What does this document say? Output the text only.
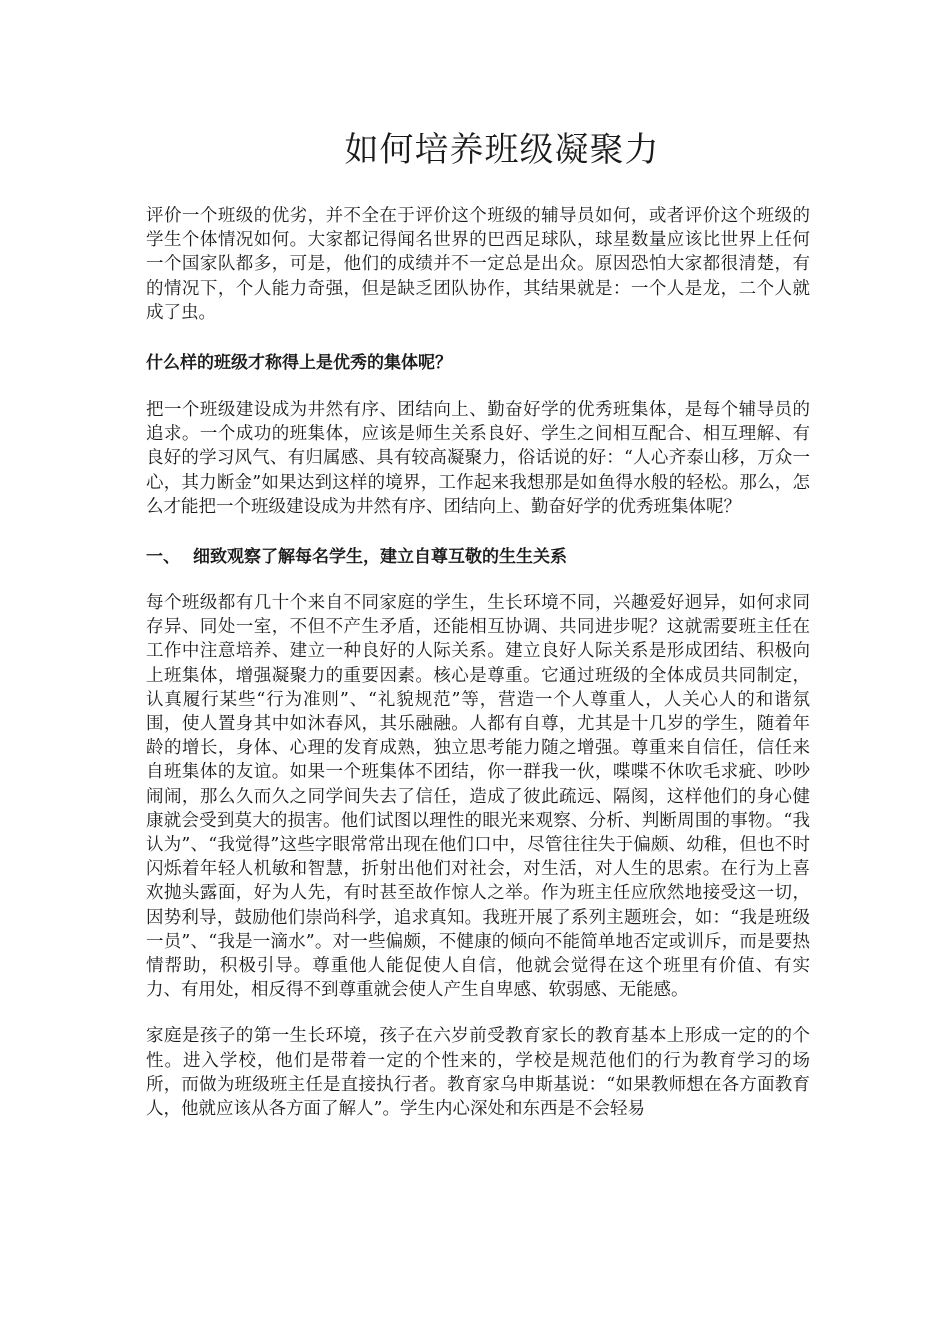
如何培养班级凝聚力

评价一个班级的优劣，并不全在于评价这个班级的辅导员如何，或者评价这个班级的学生个体情况如何。大家都记得闻名世界的巴西足球队，球星数量应该比世界上任何一个国家队都多，可是，他们的成绩并不一定总是出众。原因恐怕大家都很清楚，有的情况下，个人能力奇强，但是缺乏团队协作，其结果就是：一个人是龙，二个人就成了虫。

什么样的班级才称得上是优秀的集体呢？

把一个班级建设成为井然有序、团结向上、勤奋好学的优秀班集体，是每个辅导员的追求。一个成功的班集体，应该是师生关系良好、学生之间相互配合、相互理解、有良好的学习风气、有归属感、具有较高凝聚力，俗话说的好：“人心齐泰山移，万众一心，其力断金”如果达到这样的境界，工作起来我想那是如鱼得水般的轻松。那么，怎么才能把一个班级建设成为井然有序、团结向上、勤奋好学的优秀班集体呢？

一、 细致观察了解每名学生，建立自尊互敬的生生关系

每个班级都有几十个来自不同家庭的学生，生长环境不同，兴趣爱好迥异，如何求同存异、同处一室，不但不产生矛盾，还能相互协调、共同进步呢？这就需要班主任在工作中注意培养、建立一种良好的人际关系。建立良好人际关系是形成团结、积极向上班集体，增强凝聚力的重要因素。核心是尊重。它通过班级的全体成员共同制定，认真履行某些“行为准则”、“礼貌规范”等，营造一个人尊重人，人关心人的和谐氛围，使人置身其中如沐春风，其乐融融。人都有自尊，尤其是十几岁的学生，随着年龄的增长，身体、心理的发育成熟，独立思考能力随之增强。尊重来自信任，信任来自班集体的友谊。如果一个班集体不团结，你一群我一伙，喋喋不休吹毛求疵、吵吵闹闹，那么久而久之同学间失去了信任，造成了彼此疏远、隔阂，这样他们的身心健康就会受到莫大的损害。他们试图以理性的眼光来观察、分析、判断周围的事物。“我认为”、“我觉得”这些字眼常常出现在他们口中，尽管往往失于偏颇、幼稚，但也不时闪烁着年轻人机敏和智慧，折射出他们对社会，对生活，对人生的思索。在行为上喜欢抛头露面，好为人先，有时甚至故作惊人之举。作为班主任应欣然地接受这一切，因势利导，鼓励他们崇尚科学，追求真知。我班开展了系列主题班会，如：“我是班级一员”、“我是一滴水”。对一些偏颇，不健康的倾向不能简单地否定或训斥，而是要热情帮助，积极引导。尊重他人能促使人自信，他就会觉得在这个班里有价值、有实力、有用处，相反得不到尊重就会使人产生自卑感、软弱感、无能感。

家庭是孩子的第一生长环境，孩子在六岁前受教育家长的教育基本上形成一定的的个性。进入学校，他们是带着一定的个性来的，学校是规范他们的行为教育学习的场所，而做为班级班主任是直接执行者。教育家乌申斯基说：“如果教师想在各方面教育人，他就应该从各方面了解人”。学生内心深处和东西是不会轻易
